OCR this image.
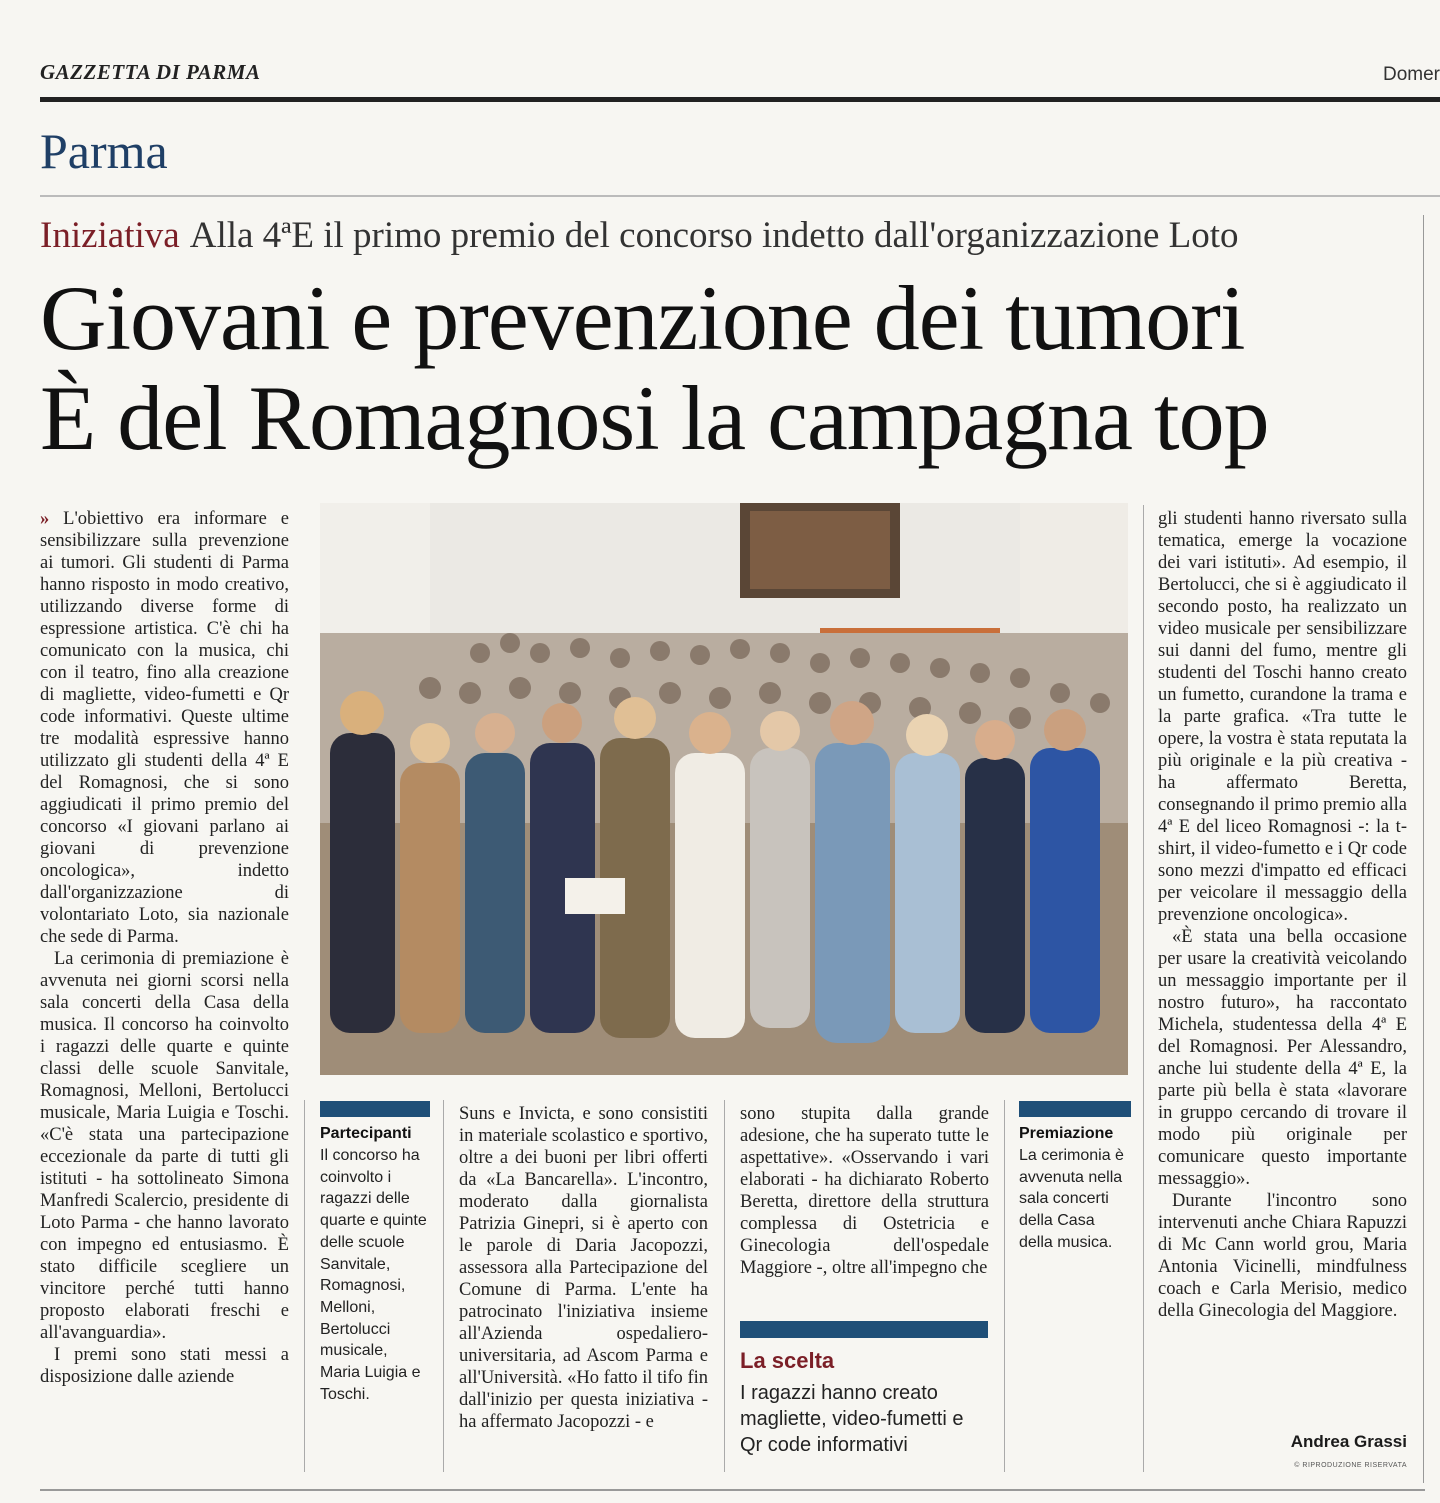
GAZZETTA DI PARMA	Domer
Parma
Iniziativa Alla 4ªE il primo premio del concorso indetto dall'organizzazione Loto
Giovani e prevenzione dei tumori
È del Romagnosi la campagna top

» L'obiettivo era informare e sensibilizzare sulla prevenzione ai tumori. Gli studenti di Parma hanno risposto in modo creativo, utilizzando diverse forme di espressione artistica. C'è chi ha comunicato con la musica, chi con il teatro, fino alla creazione di magliette, video-fumetti e Qr code informativi. Queste ultime tre modalità espressive hanno utilizzato gli studenti della 4ª E del Romagnosi, che si sono aggiudicati il primo premio del concorso «I giovani parlano ai giovani di prevenzione oncologica», indetto dall'organizzazione di volontariato Loto, sia nazionale che sede di Parma.

La cerimonia di premiazione è avvenuta nei giorni scorsi nella sala concerti della Casa della musica. Il concorso ha coinvolto i ragazzi delle quarte e quinte classi delle scuole Sanvitale, Romagnosi, Melloni, Bertolucci musicale, Maria Luigia e Toschi. «C'è stata una partecipazione eccezionale da parte di tutti gli istituti - ha sottolineato Simona Manfredi Scalercio, presidente di Loto Parma - che hanno lavorato con impegno ed entusiasmo. È stato difficile scegliere un vincitore perché tutti hanno proposto elaborati freschi e all'avanguardia».

I premi sono stati messi a disposizione dalle aziende

Partecipanti
Il concorso ha coinvolto i ragazzi delle quarte e quinte delle scuole Sanvitale, Romagnosi, Melloni, Bertolucci musicale, Maria Luigia e Toschi.

Suns e Invicta, e sono consistiti in materiale scolastico e sportivo, oltre a dei buoni per libri offerti da «La Bancarella». L'incontro, moderato dalla giornalista Patrizia Ginepri, si è aperto con le parole di Daria Jacopozzi, assessora alla Partecipazione del Comune di Parma. L'ente ha patrocinato l'iniziativa insieme all'Azienda ospedaliero-universitaria, ad Ascom Parma e all'Università. «Ho fatto il tifo fin dall'inizio per questa iniziativa - ha affermato Jacopozzi - e

sono stupita dalla grande adesione, che ha superato tutte le aspettative». «Osservando i vari elaborati - ha dichiarato Roberto Beretta, direttore della struttura complessa di Ostetricia e Ginecologia dell'ospedale Maggiore -, oltre all'impegno che

La scelta
I ragazzi hanno creato magliette, video-fumetti e Qr code informativi
Premiazione
La cerimonia è avvenuta nella sala concerti della Casa della musica.

gli studenti hanno riversato sulla tematica, emerge la vocazione dei vari istituti». Ad esempio, il Bertolucci, che si è aggiudicato il secondo posto, ha realizzato un video musicale per sensibilizzare sui danni del fumo, mentre gli studenti del Toschi hanno creato un fumetto, curandone la trama e la parte grafica. «Tra tutte le opere, la vostra è stata reputata la più originale e la più creativa - ha affermato Beretta, consegnando il primo premio alla 4ª E del liceo Romagnosi -: la t-shirt, il video-fumetto e i Qr code sono mezzi d'impatto ed efficaci per veicolare il messaggio della prevenzione oncologica».

«È stata una bella occasione per usare la creatività veicolando un messaggio importante per il nostro futuro», ha raccontato Michela, studentessa della 4ª E del Romagnosi. Per Alessandro, anche lui studente della 4ª E, la parte più bella è stata «lavorare in gruppo cercando di trovare il modo più originale per comunicare questo importante messaggio».

Durante l'incontro sono intervenuti anche Chiara Rapuzzi di Mc Cann world grou, Maria Antonia Vicinelli, mindfulness coach e Carla Merisio, medico della Ginecologia del Maggiore.

Andrea Grassi
© RIPRODUZIONE RISERVATA
